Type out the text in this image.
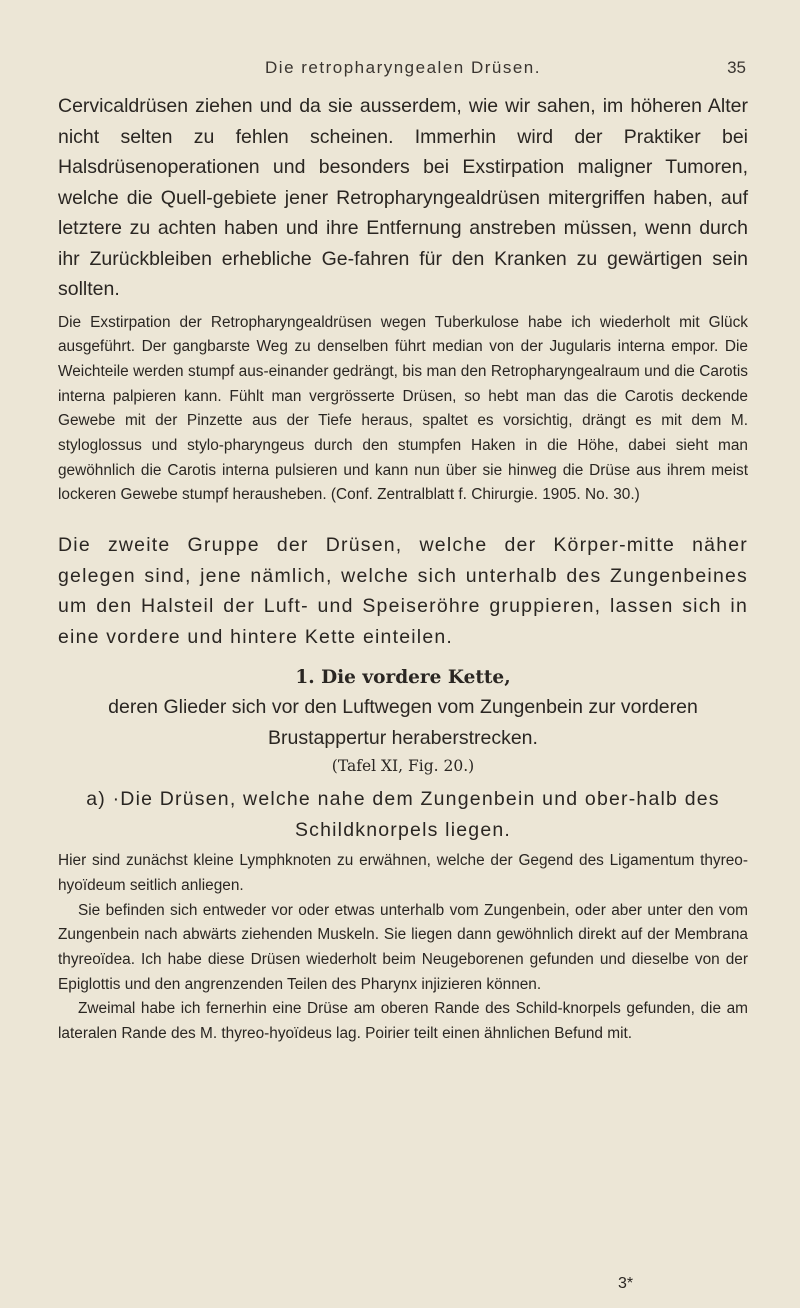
Die retropharyngealen Drüsen.	35

Cervicaldrüsen ziehen und da sie ausserdem, wie wir sahen, im höheren Alter nicht selten zu fehlen scheinen. Immerhin wird der Praktiker bei Halsdrüsenoperationen und besonders bei Exstirpation maligner Tumoren, welche die Quell-gebiete jener Retropharyngealdrüsen mitergriffen haben, auf letztere zu achten haben und ihre Entfernung anstreben müssen, wenn durch ihr Zurückbleiben erhebliche Ge-fahren für den Kranken zu gewärtigen sein sollten.

Die Exstirpation der Retropharyngealdrüsen wegen Tuberkulose habe ich wiederholt mit Glück ausgeführt. Der gangbarste Weg zu denselben führt median von der Jugularis interna empor. Die Weichteile werden stumpf aus-einander gedrängt, bis man den Retropharyngealraum und die Carotis interna palpieren kann. Fühlt man vergrösserte Drüsen, so hebt man das die Carotis deckende Gewebe mit der Pinzette aus der Tiefe heraus, spaltet es vorsichtig, drängt es mit dem M. styloglossus und stylo-pharyngeus durch den stumpfen Haken in die Höhe, dabei sieht man gewöhnlich die Carotis interna pulsieren und kann nun über sie hinweg die Drüse aus ihrem meist lockeren Gewebe stumpf herausheben. (Conf. Zentralblatt f. Chirurgie. 1905. No. 30.)

Die zweite Gruppe der Drüsen, welche der Körper-mitte näher gelegen sind, jene nämlich, welche sich unterhalb des Zungenbeines um den Halsteil der Luft- und Speiseröhre gruppieren, lassen sich in eine vordere und hintere Kette einteilen.

1. Die vordere Kette,

deren Glieder sich vor den Luftwegen vom Zungenbein zur vorderen Brustappertur heraberstrecken.

(Tafel XI, Fig. 20.)

a) ·Die Drüsen, welche nahe dem Zungenbein und ober-halb des Schildknorpels liegen.

Hier sind zunächst kleine Lymphknoten zu erwähnen, welche der Gegend des Ligamentum thyreo-hyoïdeum seitlich anliegen.

Sie befinden sich entweder vor oder etwas unterhalb vom Zungenbein, oder aber unter den vom Zungenbein nach abwärts ziehenden Muskeln. Sie liegen dann gewöhnlich direkt auf der Membrana thyreoïdea. Ich habe diese Drüsen wiederholt beim Neugeborenen gefunden und dieselbe von der Epiglottis und den angrenzenden Teilen des Pharynx injizieren können.

Zweimal habe ich fernerhin eine Drüse am oberen Rande des Schild-knorpels gefunden, die am lateralen Rande des M. thyreo-hyoïdeus lag. Poirier teilt einen ähnlichen Befund mit.

3*
